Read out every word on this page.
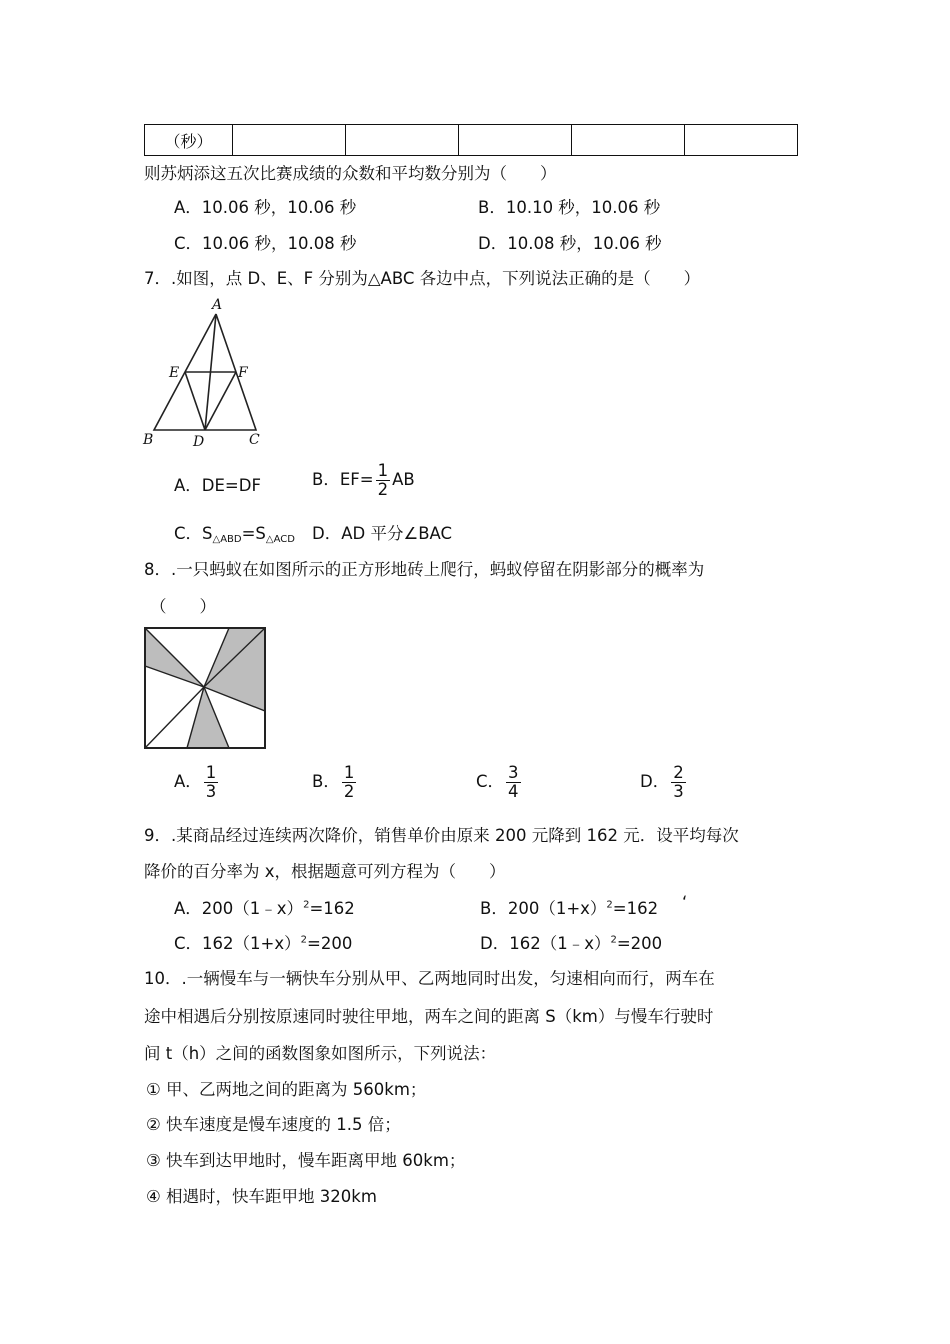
（秒）					
则苏炳添这五次比赛成绩的众数和平均数分别为（　　）
A．10.06 秒，10.06 秒	B．10.10 秒，10.06 秒
C．10.06 秒，10.08 秒	D．10.08 秒，10.06 秒
7．.如图，点 D、E、F 分别为△ABC 各边中点，下列说法正确的是（　　）
A
E	F
B	D	C
A．DE=DF	B．$EF= \frac{1}{2}$ AB
C．$S_{\triangle ABD}=S_{\triangle ACD}$ D．AD 平分∠BAC
8．.一只蚂蚁在如图所示的正方形地砖上爬行，蚂蚁停留在阴影部分的概率为
（　　）
A． $\frac{1}{3}$	B． $\frac{1}{2}$	C． $\frac{3}{4}$	D． $\frac{2}{3}$
9．.某商品经过连续两次降价，销售单价由原来 200 元降到 162 元．设平均每次
降价的百分率为 x，根据题意可列方程为（　　）
A．200（1﹣x）$^2$=162	B．$200(1+x)^2=162$ ‘
C．$162(1+x)^2=200$	D．162（1﹣x）$^2$=200
10．.一辆慢车与一辆快车分别从甲、乙两地同时出发，匀速相向而行，两车在
途中相遇后分别按原速同时驶往甲地，两车之间的距离 S（km）与慢车行驶时
间 t（h）之间的函数图象如图所示，下列说法：
① 甲、乙两地之间的距离为 560km；
② 快车速度是慢车速度的 1.5 倍；
③ 快车到达甲地时，慢车距离甲地 60km；
④ 相遇时，快车距甲地 320km
